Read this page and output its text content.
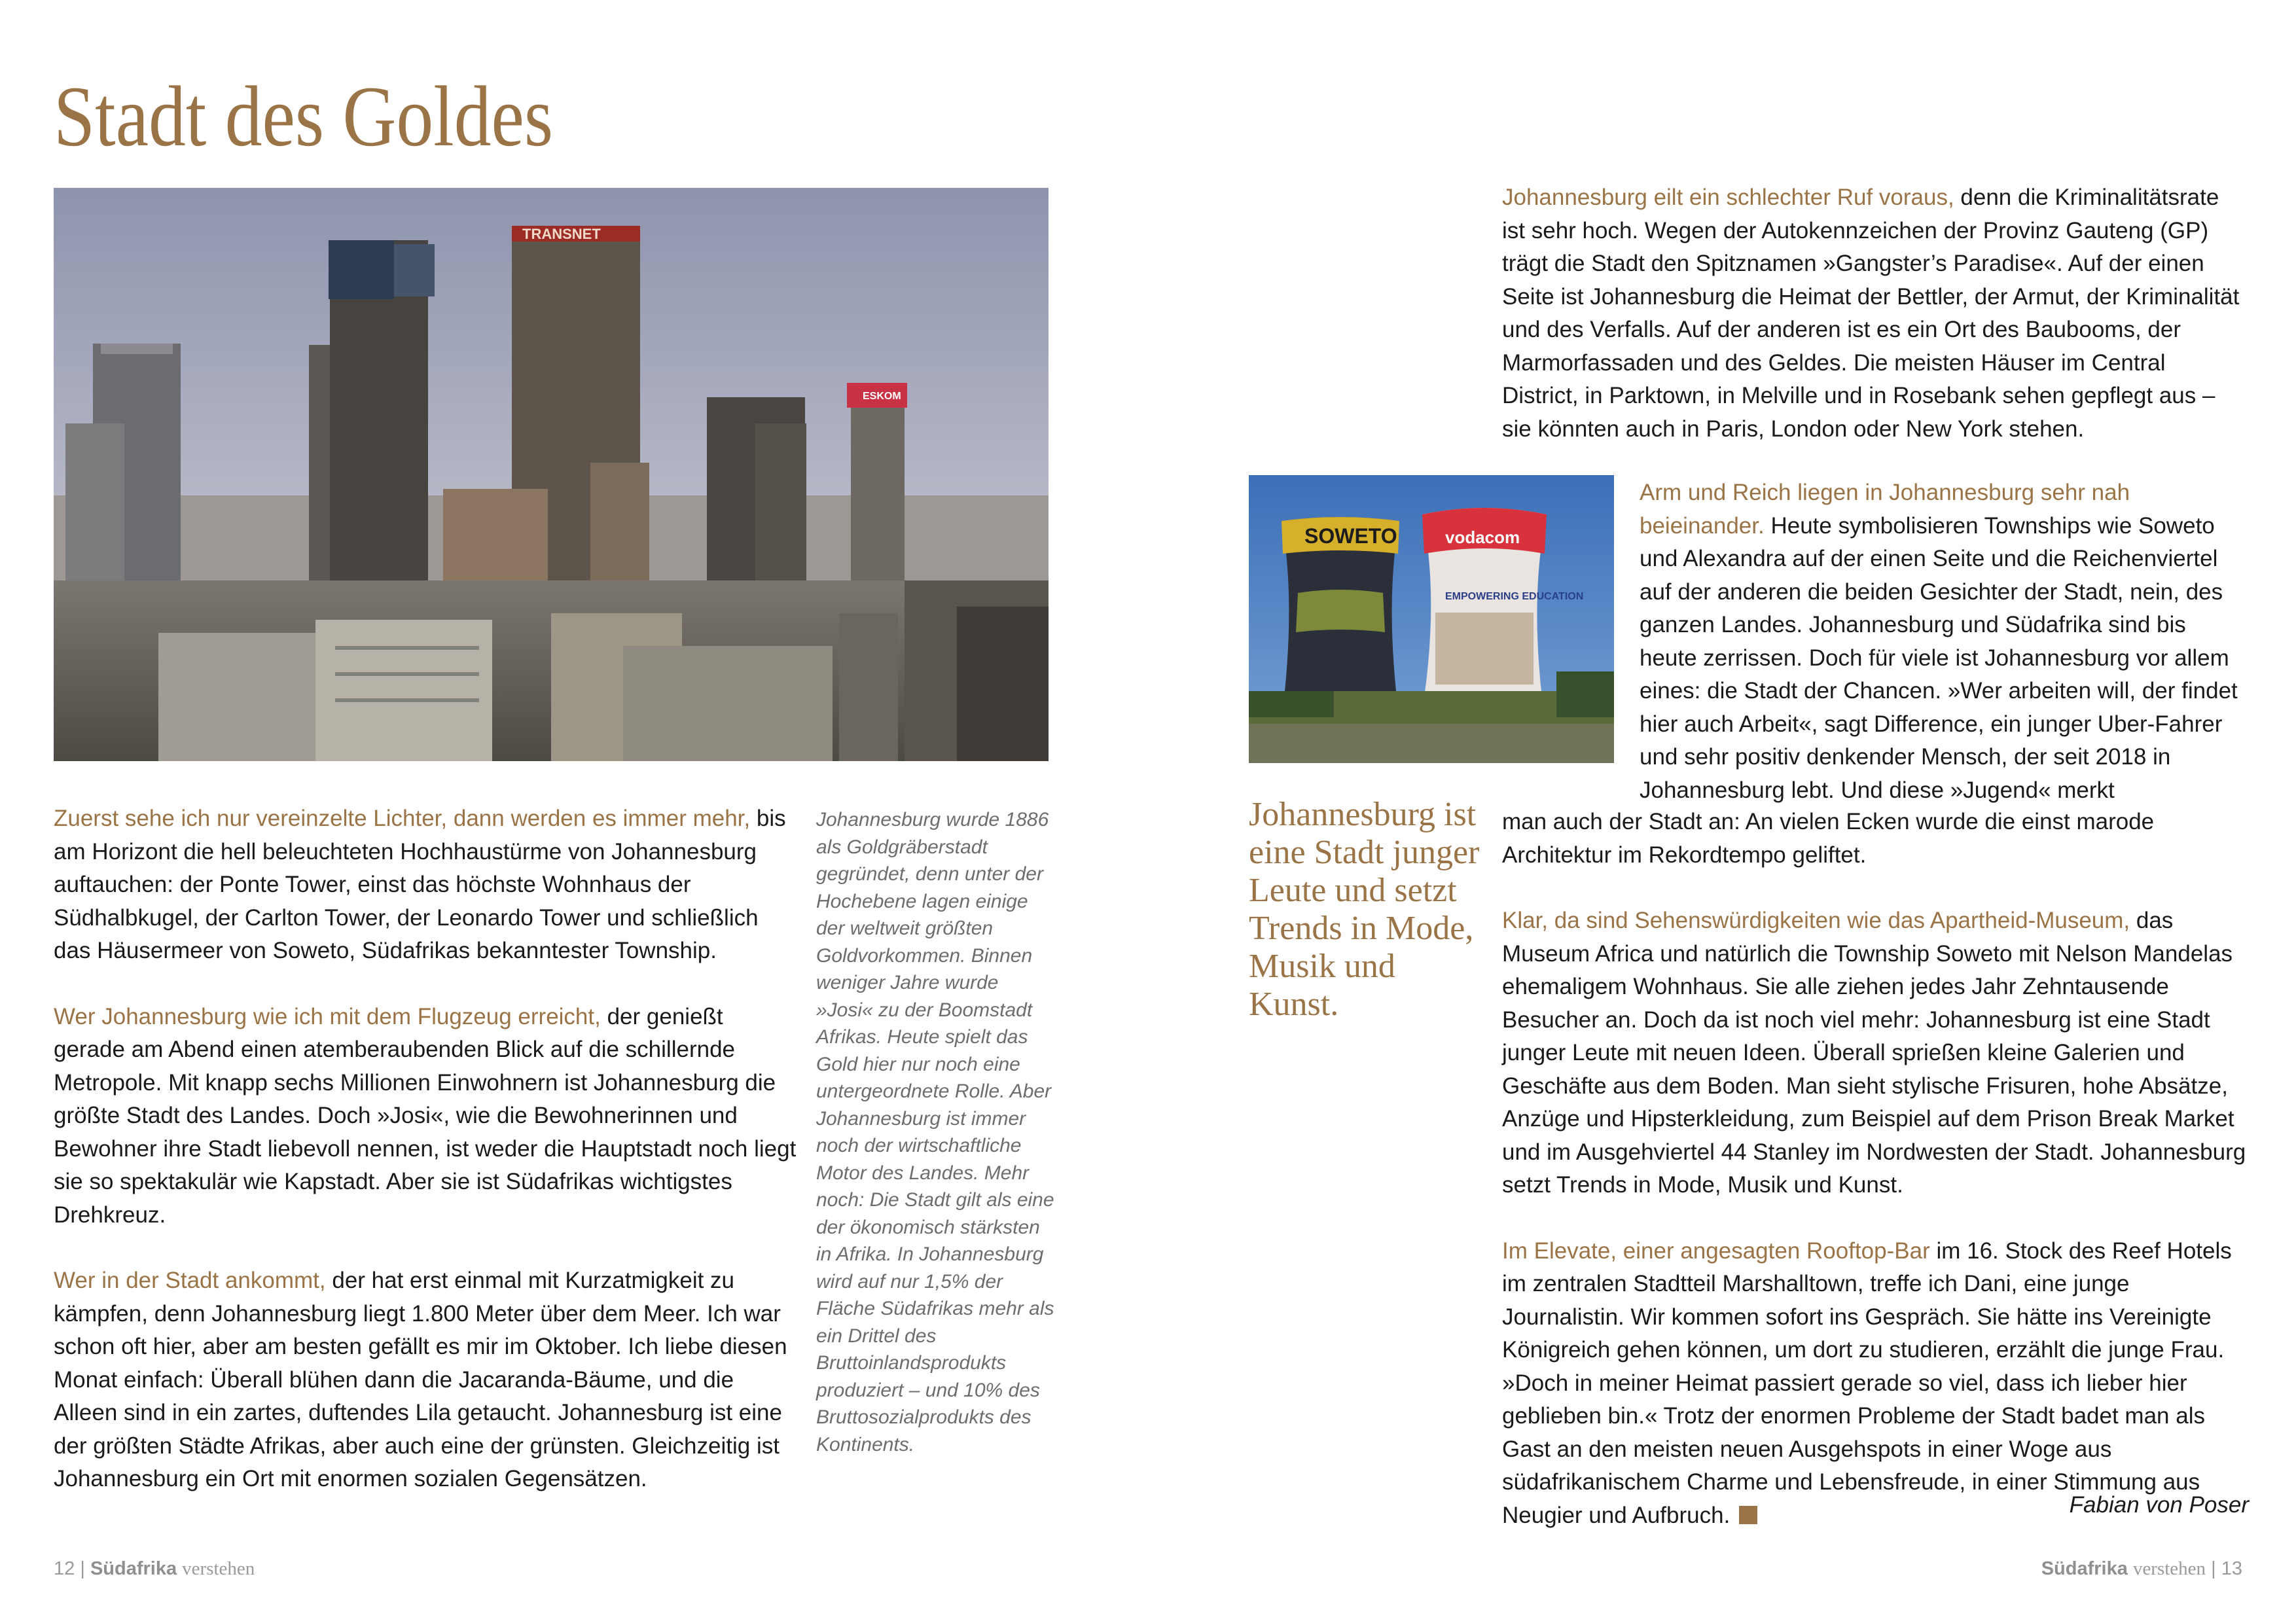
Stadt des Goldes
TRANSNET
ESKOM

Zuerst sehe ich nur vereinzelte Lichter, dann werden es immer mehr, bis am Horizont die hell beleuchteten Hochhaustürme von Johannesburg auftauchen: der Ponte Tower, einst das höchste Wohnhaus der Südhalbkugel, der Carlton Tower, der Leonardo Tower und schließlich das Häusermeer von Soweto, Südafrikas bekanntester Township.

Wer Johannesburg wie ich mit dem Flugzeug erreicht, der genießt gerade am Abend einen atemberaubenden Blick auf die schillernde Metropole. Mit knapp sechs Millionen Einwohnern ist Johannesburg die größte Stadt des Landes. Doch »Josi«, wie die Bewohnerinnen und Bewohner ihre Stadt liebevoll nennen, ist weder die Hauptstadt noch liegt sie so spektakulär wie Kapstadt. Aber sie ist Südafrikas wichtigstes Drehkreuz.

Wer in der Stadt ankommt, der hat erst einmal mit Kurzatmigkeit zu kämpfen, denn Johannesburg liegt 1.800 Meter über dem Meer. Ich war schon oft hier, aber am besten gefällt es mir im Oktober. Ich liebe diesen Monat einfach: Überall blühen dann die Jacaranda-Bäume, und die Alleen sind in ein zartes, duftendes Lila getaucht. Johannesburg ist eine der größten Städte Afrikas, aber auch eine der grünsten. Gleichzeitig ist Johannesburg ein Ort mit enormen sozialen Gegensätzen.

Johannesburg wurde 1886 als Goldgräberstadt gegründet, denn unter der Hochebene lagen einige der weltweit größten Goldvorkommen. Binnen weniger Jahre wurde »Josi« zu der Boomstadt Afrikas. Heute spielt das Gold hier nur noch eine untergeordnete Rolle. Aber Johannesburg ist immer noch der wirtschaftliche Motor des Landes. Mehr noch: Die Stadt gilt als eine der ökonomisch stärksten in Afrika. In Johannesburg wird auf nur 1,5% der Fläche Südafrikas mehr als ein Drittel des Bruttoinlandsprodukts produziert – und 10% des Bruttosozialprodukts des Kontinents.
SOWETO	vodacom
EMPOWERING EDUCATION
Johannesburg ist eine Stadt junger Leute und setzt Trends in Mode, Musik und Kunst.
Johannesburg eilt ein schlechter Ruf voraus, denn die Kriminalitätsrate ist sehr hoch. Wegen der Autokennzeichen der Provinz Gauteng (GP) trägt die Stadt den Spitznamen »Gangster’s Paradise«. Auf der einen Seite ist Johannesburg die Heimat der Bettler, der Armut, der Kriminalität und des Verfalls. Auf der anderen ist es ein Ort des Baubooms, der Marmorfassaden und des Geldes. Die meisten Häuser im Central District, in Parktown, in Melville und in Rosebank sehen gepflegt aus – sie könnten auch in Paris, London oder New York stehen.
Arm und Reich liegen in Johannesburg sehr nah beieinander. Heute symbolisieren Townships wie Soweto und Alexandra auf der einen Seite und die Reichenviertel auf der anderen die beiden Gesichter der Stadt, nein, des ganzen Landes. Johannesburg und Südafrika sind bis heute zerrissen. Doch für viele ist Johannesburg vor allem eines: die Stadt der Chancen. »Wer arbeiten will, der findet hier auch Arbeit«, sagt Difference, ein junger Uber-Fahrer und sehr positiv denkender Mensch, der seit 2018 in Johannesburg lebt. Und diese »Jugend« merkt

man auch der Stadt an: An vielen Ecken wurde die einst marode Architektur im Rekordtempo geliftet.

Klar, da sind Sehenswürdigkeiten wie das Apartheid-Museum, das Museum Africa und natürlich die Township Soweto mit Nelson Mandelas ehemaligem Wohnhaus. Sie alle ziehen jedes Jahr Zehntausende Besucher an. Doch da ist noch viel mehr: Johannesburg ist eine Stadt junger Leute mit neuen Ideen. Überall sprießen kleine Galerien und Geschäfte aus dem Boden. Man sieht stylische Frisuren, hohe Absätze, Anzüge und Hipsterkleidung, zum Beispiel auf dem Prison Break Market und im Ausgehviertel 44 Stanley im Nordwesten der Stadt. Johannesburg setzt Trends in Mode, Musik und Kunst.

Im Elevate, einer angesagten Rooftop-Bar im 16. Stock des Reef Hotels im zentralen Stadtteil Marshalltown, treffe ich Dani, eine junge Journalistin. Wir kommen sofort ins Gespräch. Sie hätte ins Vereinigte Königreich gehen können, um dort zu studieren, erzählt die junge Frau. »Doch in meiner Heimat passiert gerade so viel, dass ich lieber hier geblieben bin.« Trotz der enormen Probleme der Stadt badet man als Gast an den meisten neuen Ausgehspots in einer Woge aus südafrikanischem Charme und Lebensfreude, in einer Stimmung aus Neugier und Aufbruch.	Fabian von Poser
12 | Südafrika verstehen	Südafrika verstehen | 13
